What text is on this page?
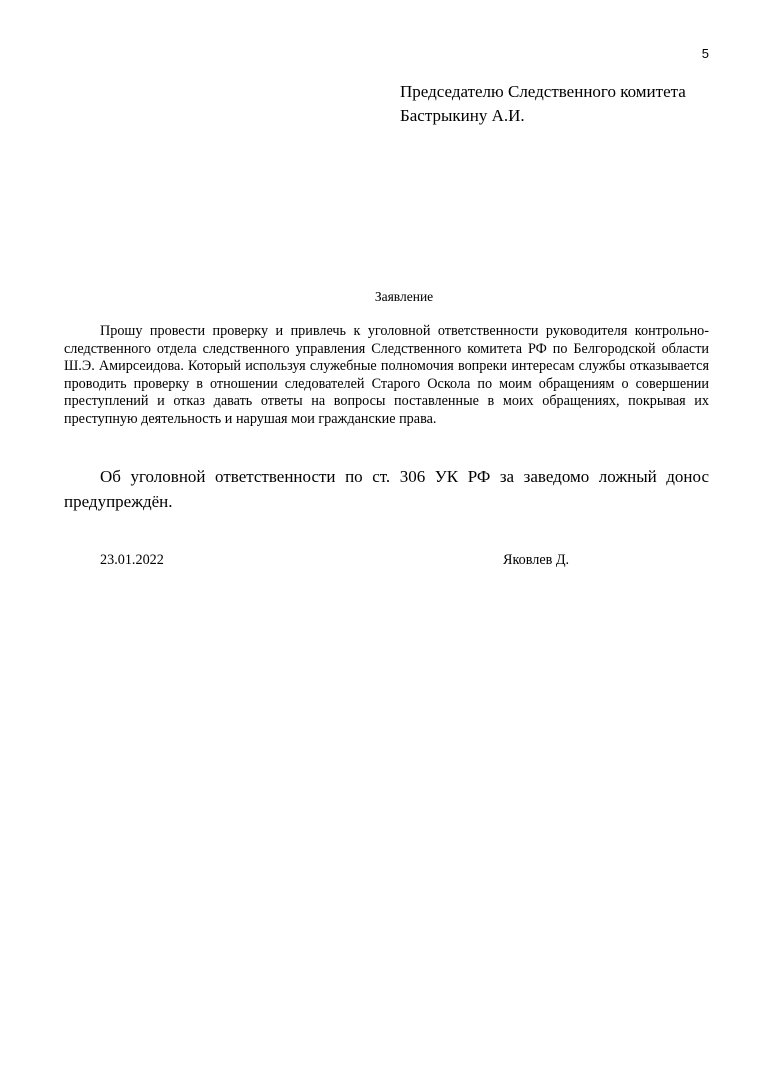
5
Председателю Следственного комитета
Бастрыкину А.И.
Заявление

Прошу провести проверку и привлечь к уголовной ответственности руководителя контрольно-следственного отдела следственного управления Следственного комитета РФ по Белгородской области Ш.Э. Амирсеидова. Который используя служебные полномочия вопреки интересам службы отказывается проводить проверку в отношении следователей Старого Оскола по моим обращениям о совершении преступлений и отказ давать ответы на вопросы поставленные в моих обращениях, покрывая их преступную деятельность и нарушая мои гражданские права.

Об уголовной ответственности по ст. 306 УК РФ за заведомо ложный донос предупреждён.

23.01.2022	Яковлев Д.
